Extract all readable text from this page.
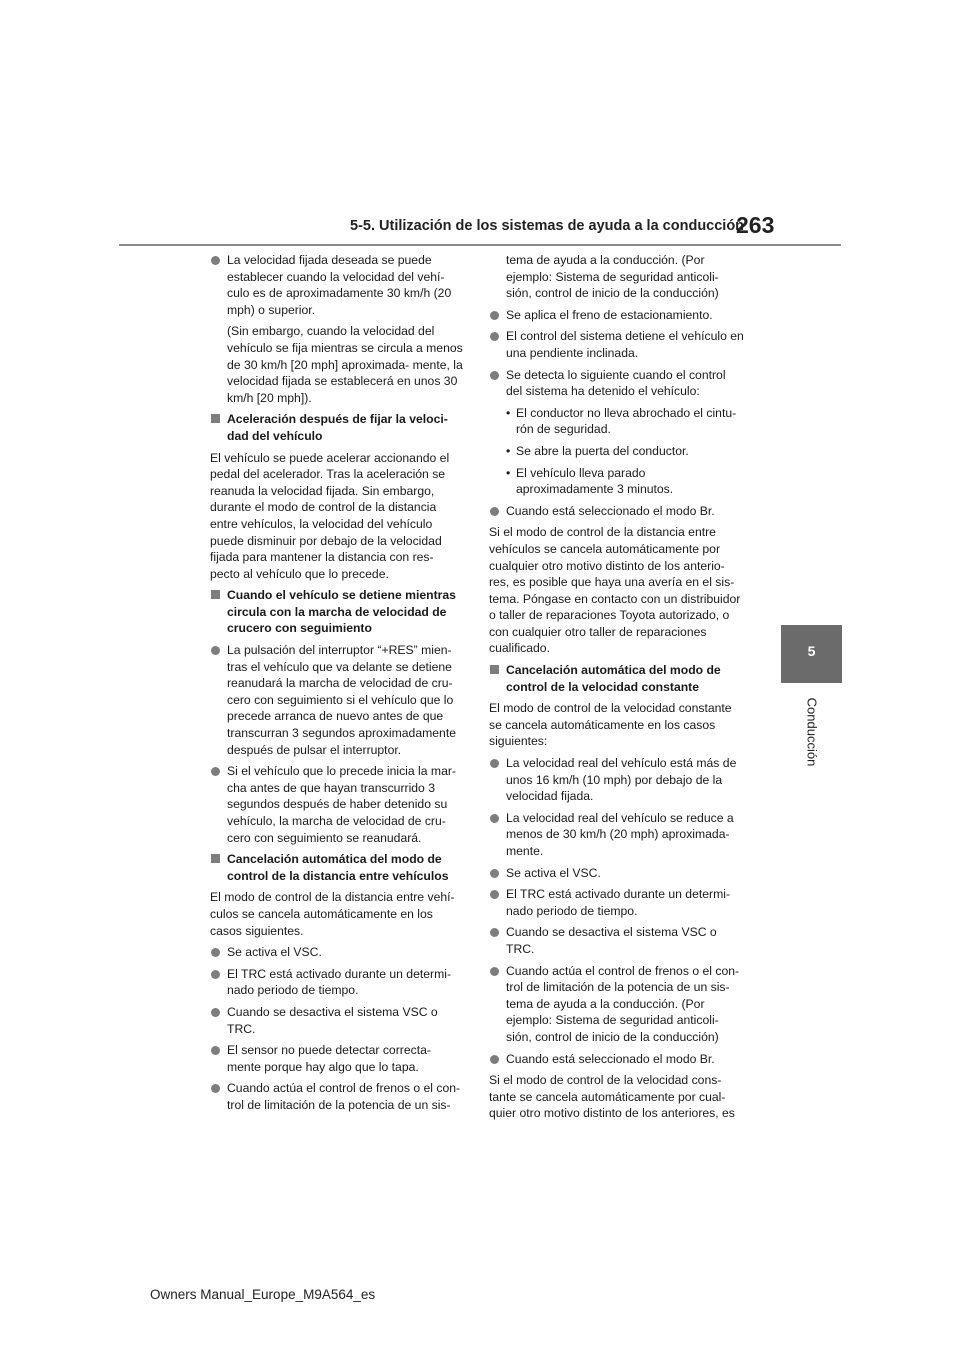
5-5. Utilización de los sistemas de ayuda a la conducción
263
5
Conducción
La velocidad fijada deseada se puede establecer cuando la velocidad del vehí- culo es de aproximadamente 30 km/h (20 mph) o superior.
(Sin embargo, cuando la velocidad del vehículo se fija mientras se circula a menos de 30 km/h [20 mph] aproximada- mente, la velocidad fijada se establecerá en unos 30 km/h [20 mph]).
Aceleración después de fijar la veloci- dad del vehículo
El vehículo se puede acelerar accionando el pedal del acelerador. Tras la aceleración se reanuda la velocidad fijada. Sin embargo, durante el modo de control de la distancia entre vehículos, la velocidad del vehículo puede disminuir por debajo de la velocidad fijada para mantener la distancia con res- pecto al vehículo que lo precede.
Cuando el vehículo se detiene mientras circula con la marcha de velocidad de crucero con seguimiento
La pulsación del interruptor “+RES” mien- tras el vehículo que va delante se detiene reanudará la marcha de velocidad de cru- cero con seguimiento si el vehículo que lo precede arranca de nuevo antes de que transcurran 3 segundos aproximadamente después de pulsar el interruptor.
Si el vehículo que lo precede inicia la mar- cha antes de que hayan transcurrido 3 segundos después de haber detenido su vehículo, la marcha de velocidad de cru- cero con seguimiento se reanudará.
Cancelación automática del modo de control de la distancia entre vehículos
El modo de control de la distancia entre vehí- culos se cancela automáticamente en los casos siguientes.
Se activa el VSC.
El TRC está activado durante un determi- nado periodo de tiempo.
Cuando se desactiva el sistema VSC o TRC.
El sensor no puede detectar correcta- mente porque hay algo que lo tapa.
Cuando actúa el control de frenos o el con- trol de limitación de la potencia de un sis-
tema de ayuda a la conducción. (Por ejemplo: Sistema de seguridad anticoli- sión, control de inicio de la conducción)
Se aplica el freno de estacionamiento.
El control del sistema detiene el vehículo en una pendiente inclinada.
Se detecta lo siguiente cuando el control del sistema ha detenido el vehículo:
• El conductor no lleva abrochado el cintu- rón de seguridad.
• Se abre la puerta del conductor.
• El vehículo lleva parado aproximadamente 3 minutos.
Cuando está seleccionado el modo Br.
Si el modo de control de la distancia entre vehículos se cancela automáticamente por cualquier otro motivo distinto de los anterio- res, es posible que haya una avería en el sis- tema. Póngase en contacto con un distribuidor o taller de reparaciones Toyota autorizado, o con cualquier otro taller de reparaciones cualificado.
Cancelación automática del modo de control de la velocidad constante
El modo de control de la velocidad constante se cancela automáticamente en los casos siguientes:
La velocidad real del vehículo está más de unos 16 km/h (10 mph) por debajo de la velocidad fijada.
La velocidad real del vehículo se reduce a menos de 30 km/h (20 mph) aproximada- mente.
Se activa el VSC.
El TRC está activado durante un determi- nado periodo de tiempo.
Cuando se desactiva el sistema VSC o TRC.
Cuando actúa el control de frenos o el con- trol de limitación de la potencia de un sis- tema de ayuda a la conducción. (Por ejemplo: Sistema de seguridad anticoli- sión, control de inicio de la conducción)
Cuando está seleccionado el modo Br.
Si el modo de control de la velocidad cons- tante se cancela automáticamente por cual- quier otro motivo distinto de los anteriores, es
Owners Manual_Europe_M9A564_es
